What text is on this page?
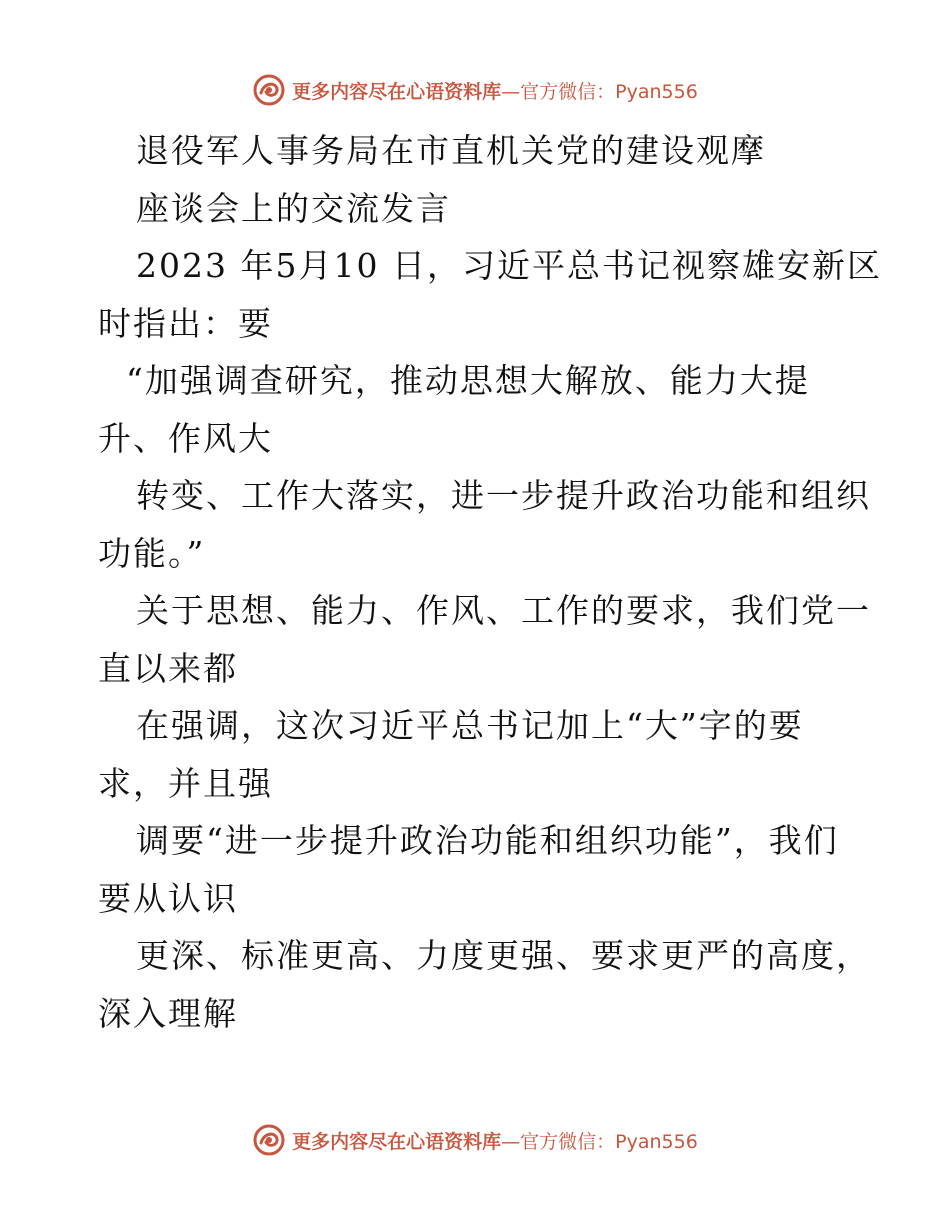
更多内容尽在心语资料库 —官方微信：Pyan556
退役军人事务局在市直机关党的建设观摩
座谈会上的交流发言
2023 年5月10 日，习近平总书记视察雄安新区
时指出：要
“加强调查研究，推动思想大解放、能力大提
升、作风大
转变、工作大落实，进一步提升政治功能和组织
功能。”
关于思想、能力、作风、工作的要求，我们党一
直以来都
在强调，这次习近平总书记加上“大”字的要
求，并且强
调要“进一步提升政治功能和组织功能”，我们
要从认识
更深、标准更高、力度更强、要求更严的高度，
深入理解
更多内容尽在心语资料库 —官方微信：Pyan556
